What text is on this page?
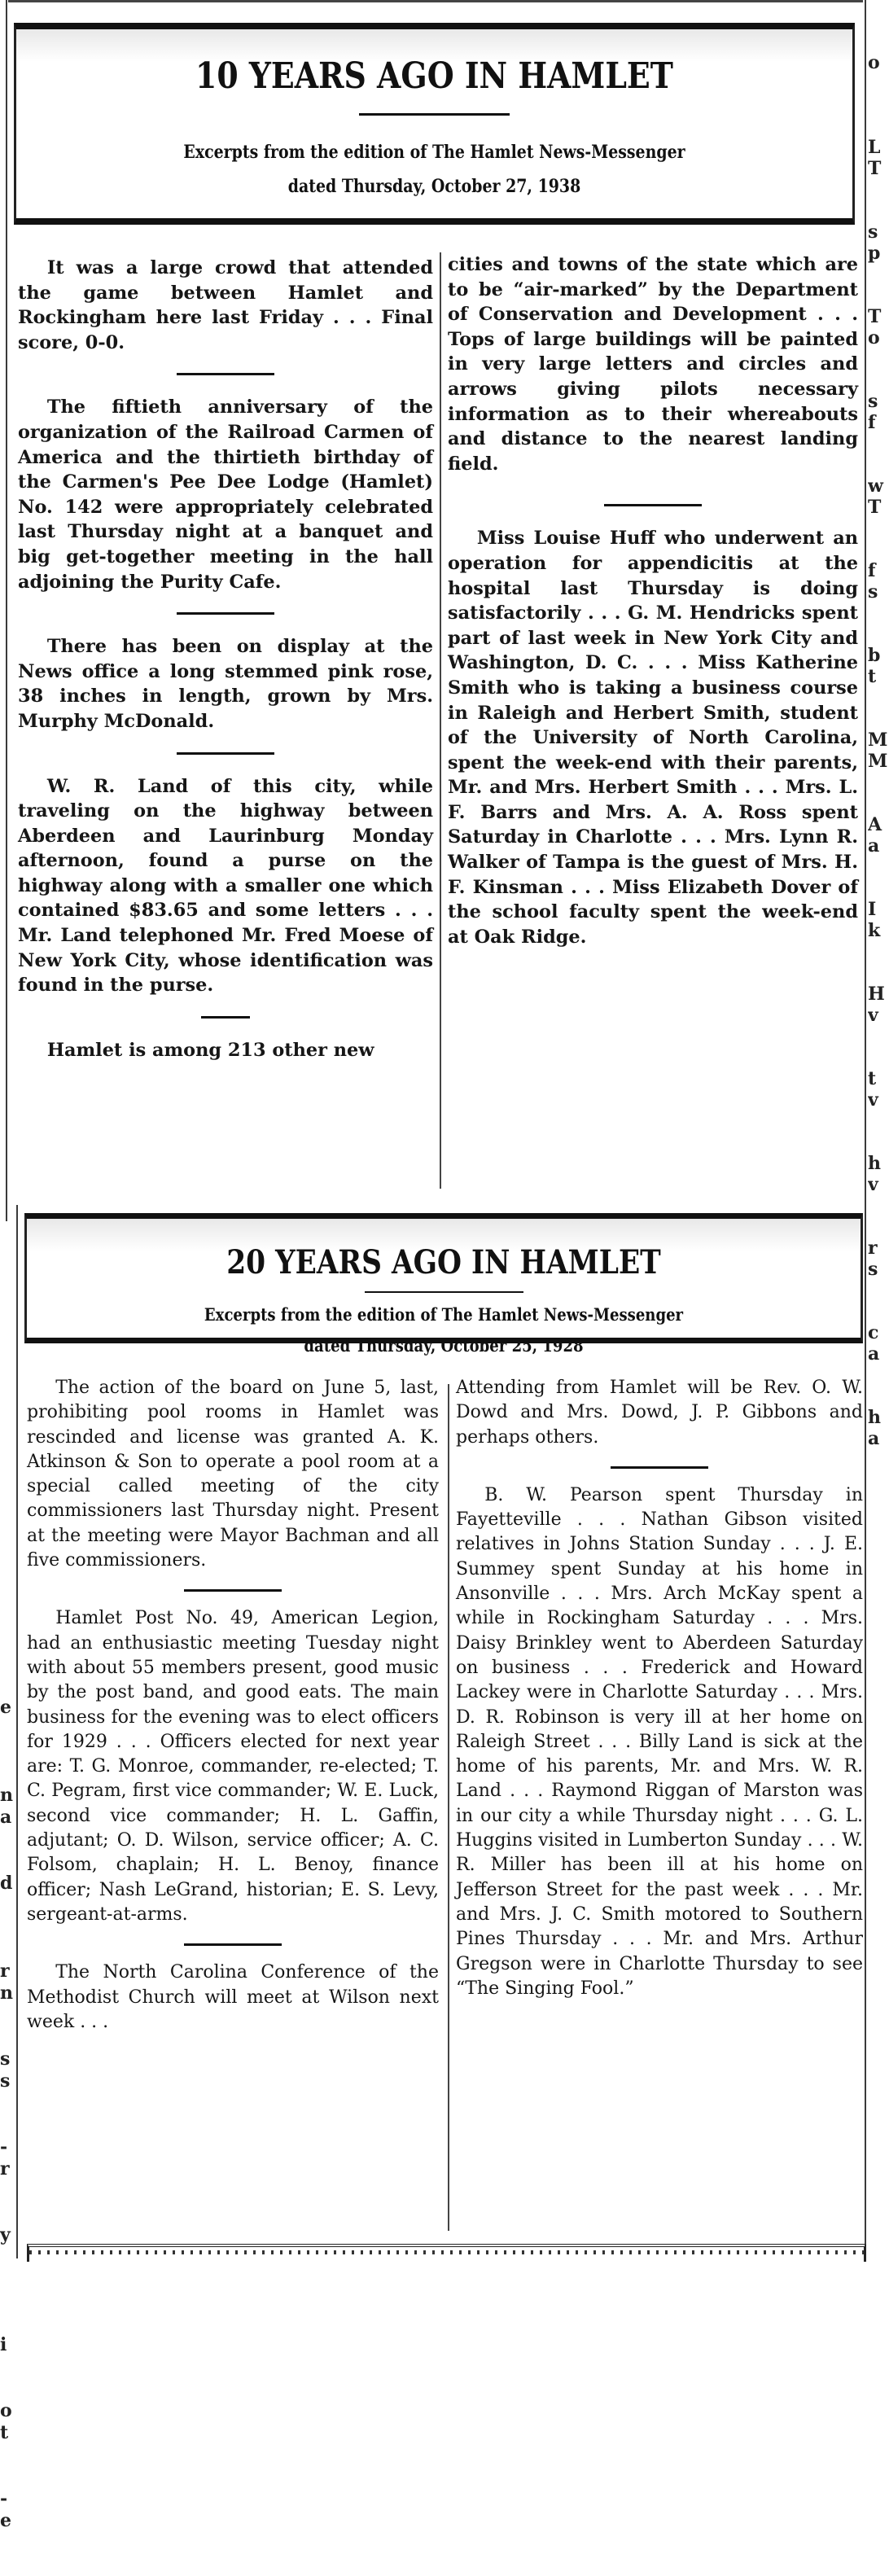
o

L
T

s
p

T
o

s
f

w
T

f
s

b
t

M
M

A
a

I
k

H
v

t
v

h
v

r
s

c
a

h
a

e

n
a

d

r
n

s
s

-
r

y

i

o
t

-
e

10 YEARS AGO IN HAMLET
Excerpts from the edition of The Hamlet News-Messenger
dated Thursday, October 27, 1938

It was a large crowd that attended the game between Hamlet and Rockingham here last Friday . . . Final score, 0-0.

The fiftieth anniversary of the organization of the Railroad Carmen of America and the thirtieth birthday of the Carmen's Pee Dee Lodge (Hamlet) No. 142 were appropriately celebrated last Thursday night at a banquet and big get-together meeting in the hall adjoining the Purity Cafe.

There has been on display at the News office a long stemmed pink rose, 38 inches in length, grown by Mrs. Murphy McDonald.

W. R. Land of this city, while traveling on the highway between Aberdeen and Laurinburg Monday afternoon, found a purse on the highway along with a smaller one which contained $83.65 and some letters . . . Mr. Land telephoned Mr. Fred Moese of New York City, whose identification was found in the purse.

Hamlet is among 213 other new

cities and towns of the state which are to be “air-marked” by the Department of Conservation and Development . . . Tops of large buildings will be painted in very large letters and circles and arrows giving pilots necessary information as to their whereabouts and distance to the nearest landing field.

Miss Louise Huff who underwent an operation for appendicitis at the hospital last Thursday is doing satisfactorily . . . G. M. Hendricks spent part of last week in New York City and Washington, D. C. . . . Miss Katherine Smith who is taking a business course in Raleigh and Herbert Smith, student of the University of North Carolina, spent the week-end with their parents, Mr. and Mrs. Herbert Smith . . . Mrs. L. F. Barrs and Mrs. A. A. Ross spent Saturday in Charlotte . . . Mrs. Lynn R. Walker of Tampa is the guest of Mrs. H. F. Kinsman . . . Miss Elizabeth Dover of the school faculty spent the week-end at Oak Ridge.

20 YEARS AGO IN HAMLET
Excerpts from the edition of The Hamlet News-Messenger
dated Thursday, October 25, 1928

The action of the board on June 5, last, prohibiting pool rooms in Hamlet was rescinded and license was granted A. K. Atkinson & Son to operate a pool room at a special called meeting of the city commissioners last Thursday night. Present at the meeting were Mayor Bachman and all five commissioners.

Hamlet Post No. 49, American Legion, had an enthusiastic meeting Tuesday night with about 55 members present, good music by the post band, and good eats. The main business for the evening was to elect officers for 1929 . . . Officers elected for next year are: T. G. Monroe, commander, re-elected; T. C. Pegram, first vice commander; W. E. Luck, second vice commander; H. L. Gaffin, adjutant; O. D. Wilson, service officer; A. C. Folsom, chaplain; H. L. Benoy, finance officer; Nash LeGrand, historian; E. S. Levy, sergeant-at-arms.

The North Carolina Conference of the Methodist Church will meet at Wilson next week . . .

Attending from Hamlet will be Rev. O. W. Dowd and Mrs. Dowd, J. P. Gibbons and perhaps others.

B. W. Pearson spent Thursday in Fayetteville . . . Nathan Gibson visited relatives in Johns Station Sunday . . . J. E. Summey spent Sunday at his home in Ansonville . . . Mrs. Arch McKay spent a while in Rockingham Saturday . . . Mrs. Daisy Brinkley went to Aberdeen Saturday on business . . . Frederick and Howard Lackey were in Charlotte Saturday . . . Mrs. D. R. Robinson is very ill at her home on Raleigh Street . . . Billy Land is sick at the home of his parents, Mr. and Mrs. W. R. Land . . . Raymond Riggan of Marston was in our city a while Thursday night . . . G. L. Huggins visited in Lumberton Sunday . . . W. R. Miller has been ill at his home on Jefferson Street for the past week . . . Mr. and Mrs. J. C. Smith motored to Southern Pines Thursday . . . Mr. and Mrs. Arthur Gregson were in Charlotte Thursday to see “The Singing Fool.”
